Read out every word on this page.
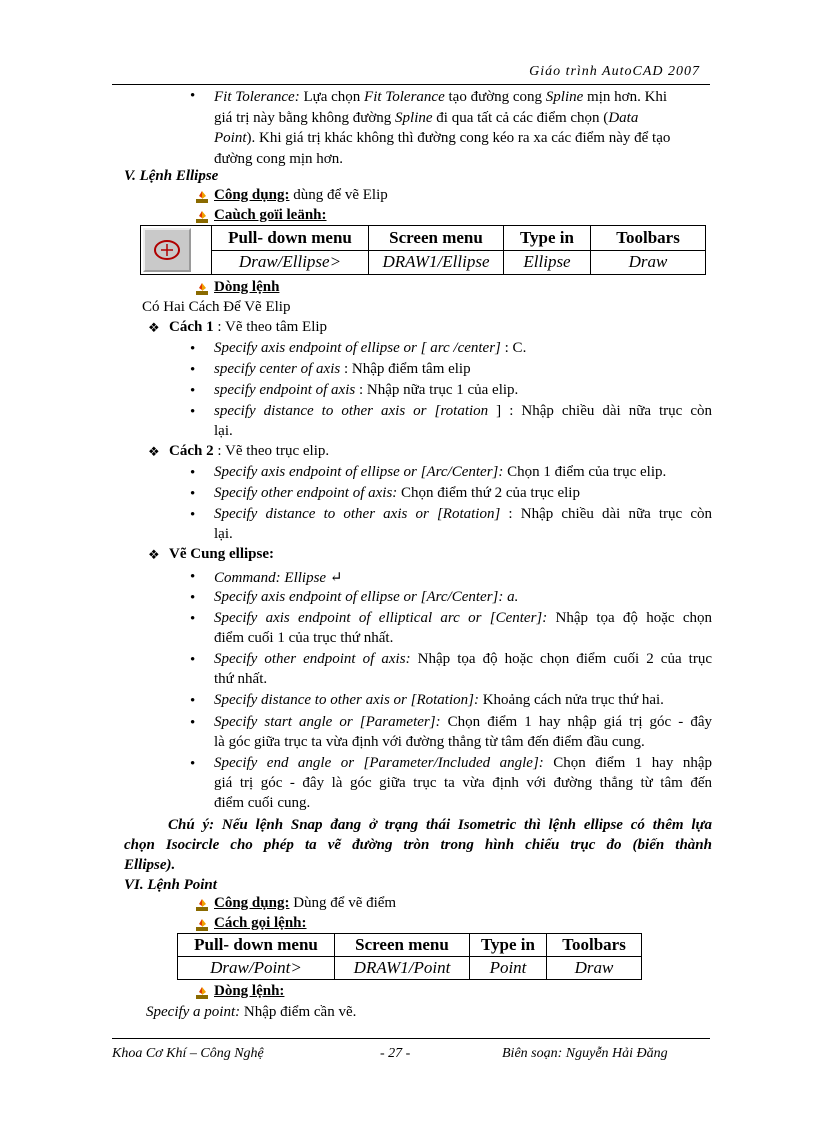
Giáo trình AutoCAD 2007
•
Fit Tolerance: Lựa chọn Fit Tolerance tạo đường cong Spline mịn hơn. Khi
giá trị này bằng không đường Spline đi qua tất cả các điểm chọn (Data
Point). Khi giá trị khác không thì đường cong kéo ra xa các điểm này để tạo
đường cong mịn hơn.
V. Lệnh Ellipse
Công dụng: dùng để vẽ Elip
Caùch goïi leänh:
	Pull- down menu	Screen menu	Type in	Toolbars
	Draw/Ellipse>	DRAW1/Ellipse	Ellipse	Draw
Dòng lệnh
Có Hai Cách Để Vẽ Elip
❖ Cách 1 : Vẽ theo tâm Elip
•
Specify axis endpoint of ellipse or [ arc /center] : C.
•
specify center of axis : Nhập điểm tâm elip
•
specify endpoint of axis : Nhập nữa trục 1 của elip.
•
specify distance to other axis or [rotation ] : Nhập chiều dài nữa trục còn
lại.
❖ Cách 2 : Vẽ theo trục elip.
•
Specify axis endpoint of ellipse or [Arc/Center]: Chọn 1 điểm của trục elip.
•
Specify other endpoint of axis: Chọn điểm thứ 2 của trục elip
•
Specify distance to other axis or [Rotation] : Nhập chiều dài nữa trục còn
lại.
❖ Vẽ Cung ellipse:
•
Command: Ellipse ↵
•
Specify axis endpoint of ellipse or [Arc/Center]: a.
•
Specify axis endpoint of elliptical arc or [Center]: Nhập tọa độ hoặc chọn
điểm cuối 1 của trục thứ nhất.
•
Specify other endpoint of axis: Nhập tọa độ hoặc chọn điểm cuối 2 của trục
thứ nhất.
•
Specify distance to other axis or [Rotation]: Khoảng cách nửa trục thứ hai.
•
Specify start angle or [Parameter]: Chọn điểm 1 hay nhập giá trị góc - đây
là góc giữa trục ta vừa định với đường thẳng từ tâm đến điểm đầu cung.
•
Specify end angle or [Parameter/Included angle]: Chọn điểm 1 hay nhập
giá trị góc - đây là góc giữa trục ta vừa định với đường thẳng từ tâm đến
điểm cuối cung.
Chú ý: Nếu lệnh Snap đang ở trạng thái Isometric thì lệnh ellipse có thêm lựa
chọn Isocircle cho phép ta vẽ đường tròn trong hình chiếu trục đo (biến thành
Ellipse).
VI. Lệnh Point
Công dụng: Dùng để vẽ điểm
Cách gọi lệnh:
Pull- down menu	Screen menu	Type in	Toolbars
Draw/Point>	DRAW1/Point	Point	Draw
Dòng lệnh:
Specify a point: Nhập điểm cần vẽ.
Khoa Cơ Khí – Công Nghệ	- 27 -	Biên soạn: Nguyễn Hải Đăng
